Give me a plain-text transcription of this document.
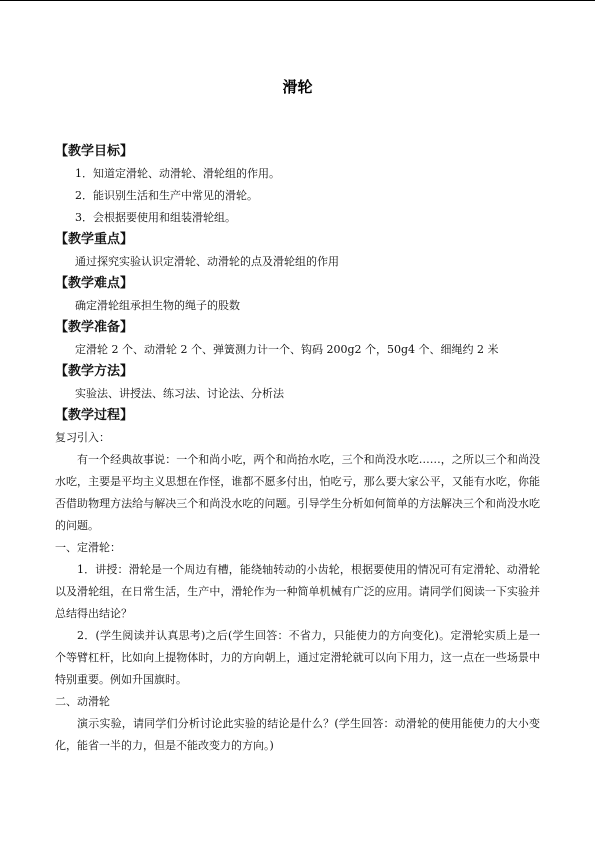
滑轮
【教学目标】
1．知道定滑轮、动滑轮、滑轮组的作用。
2．能识别生活和生产中常见的滑轮。
3．会根据要使用和组装滑轮组。
【教学重点】
通过探究实验认识定滑轮、动滑轮的点及滑轮组的作用
【教学难点】
确定滑轮组承担生物的绳子的股数
【教学准备】
定滑轮 2 个、动滑轮 2 个、弹簧测力计一个、钩码 200g2 个，50g4 个、细绳约 2 米
【教学方法】
实验法、讲授法、练习法、讨论法、分析法
【教学过程】
复习引入：

有一个经典故事说：一个和尚小吃，两个和尚抬水吃，三个和尚没水吃……，之所以三个和尚没水吃，主要是平均主义思想在作怪，谁都不愿多付出，怕吃亏，那么要大家公平，又能有水吃，你能否借助物理方法给与解决三个和尚没水吃的问题。引导学生分析如何简单的方法解决三个和尚没水吃的问题。

一、定滑轮：

1．讲授：滑轮是一个周边有槽，能绕轴转动的小齿轮，根据要使用的情况可有定滑轮、动滑轮以及滑轮组，在日常生活，生产中，滑轮作为一种简单机械有广泛的应用。请同学们阅读一下实验并总结得出结论？

2．(学生阅读并认真思考)之后(学生回答：不省力，只能使力的方向变化)。定滑轮实质上是一个等臂杠杆，比如向上提物体时，力的方向朝上，通过定滑轮就可以向下用力，这一点在一些场景中特别重要。例如升国旗时。

二、动滑轮

演示实验，请同学们分析讨论此实验的结论是什么？(学生回答：动滑轮的使用能使力的大小变化，能省一半的力，但是不能改变力的方向。)
